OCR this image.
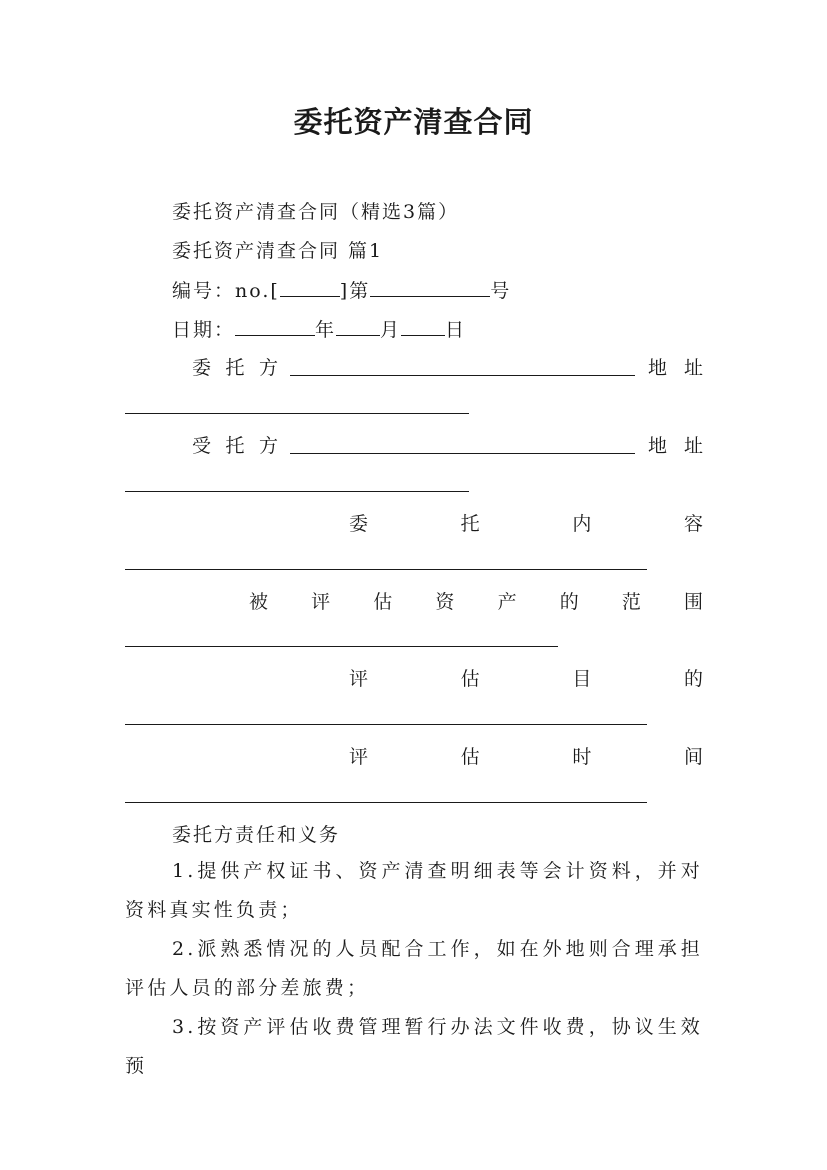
委托资产清查合同
委托资产清查合同（精选3篇）
委托资产清查合同 篇1
编号：no.[	]第	号
日期：	年 月 日
委 托 方	地 址
受 托 方	地 址
委	托	内	容
被 评 估 资 产 的 范 围
评	估	目	的
评	估	时	间
委托方责任和义务
1.提供产权证书、资产清查明细表等会计资料，并对资料真实性负责；
2.派熟悉情况的人员配合工作，如在外地则合理承担评估人员的部分差旅费；
3.按资产评估收费管理暂行办法文件收费，协议生效预
